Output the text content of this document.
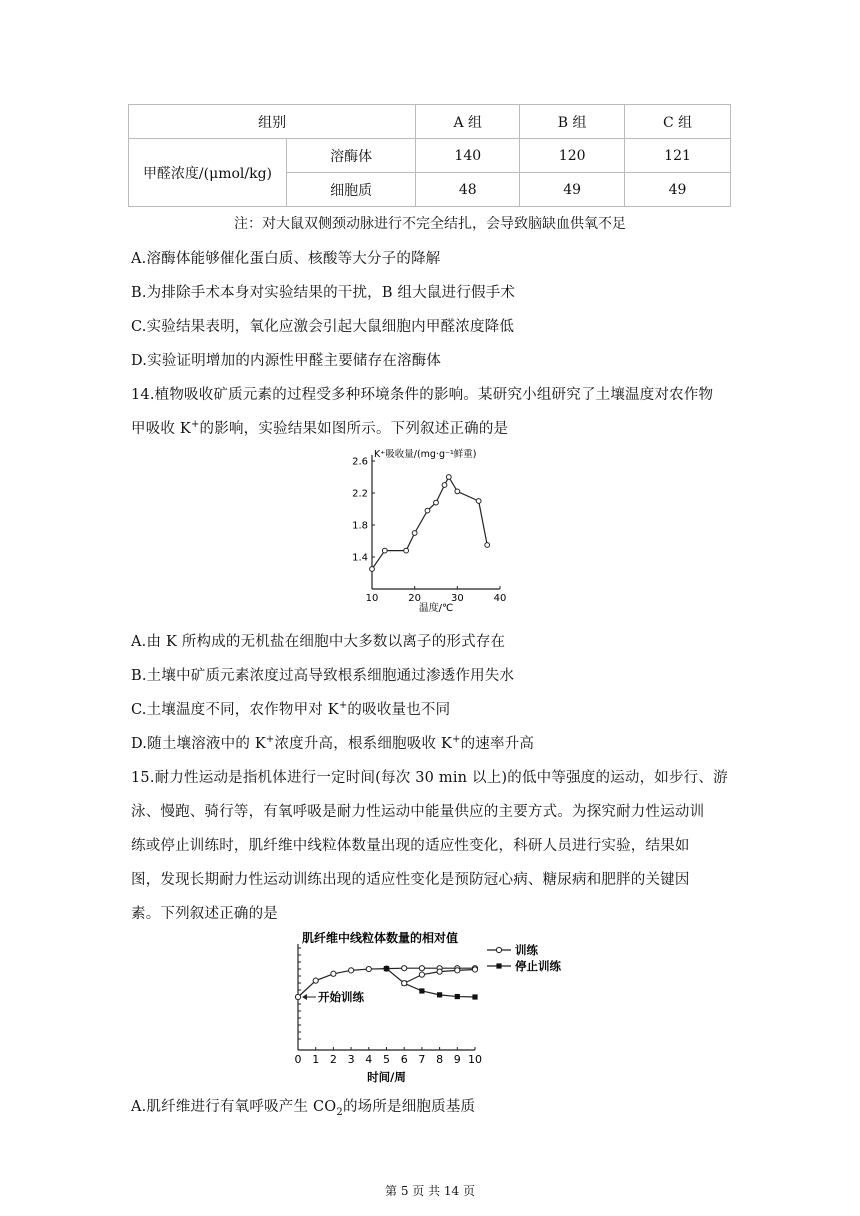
组别		A 组	B 组	C 组
甲醛浓度/(μmol/kg)	溶酶体	140	120	121
	细胞质	48	49	49
注：对大鼠双侧颈动脉进行不完全结扎，会导致脑缺血供氧不足
A.溶酶体能够催化蛋白质、核酸等大分子的降解
B.为排除手术本身对实验结果的干扰，B 组大鼠进行假手术
C.实验结果表明，氧化应激会引起大鼠细胞内甲醛浓度降低
D.实验证明增加的内源性甲醛主要储存在溶酶体
14.植物吸收矿质元素的过程受多种环境条件的影响。某研究小组研究了土壤温度对农作物
甲吸收 K+的影响，实验结果如图所示。下列叙述正确的是
K⁺吸收量/(mg·g⁻¹鲜重)
温度/℃
10	20	30	40
1.4
1.8
2.2
2.6
A.由 K 所构成的无机盐在细胞中大多数以离子的形式存在
B.土壤中矿质元素浓度过高导致根系细胞通过渗透作用失水
C.土壤温度不同，农作物甲对 K+的吸收量也不同
D.随土壤溶液中的 K+浓度升高，根系细胞吸收 K+的速率升高
15.耐力性运动是指机体进行一定时间(每次 30 min 以上)的低中等强度的运动，如步行、游
泳、慢跑、骑行等，有氧呼吸是耐力性运动中能量供应的主要方式。为探究耐力性运动训
练或停止训练时，肌纤维中线粒体数量出现的适应性变化，科研人员进行实验，结果如
图，发现长期耐力性运动训练出现的适应性变化是预防冠心病、糖尿病和肥胖的关键因
素。下列叙述正确的是
肌纤维中线粒体数量的相对值
时间/周
0 1 2 3 4 5 6 7 8 9 10
开始训练
训练
停止训练
A.肌纤维进行有氧呼吸产生 $CO_2$的场所是细胞质基质
第 5 页 共 14 页
